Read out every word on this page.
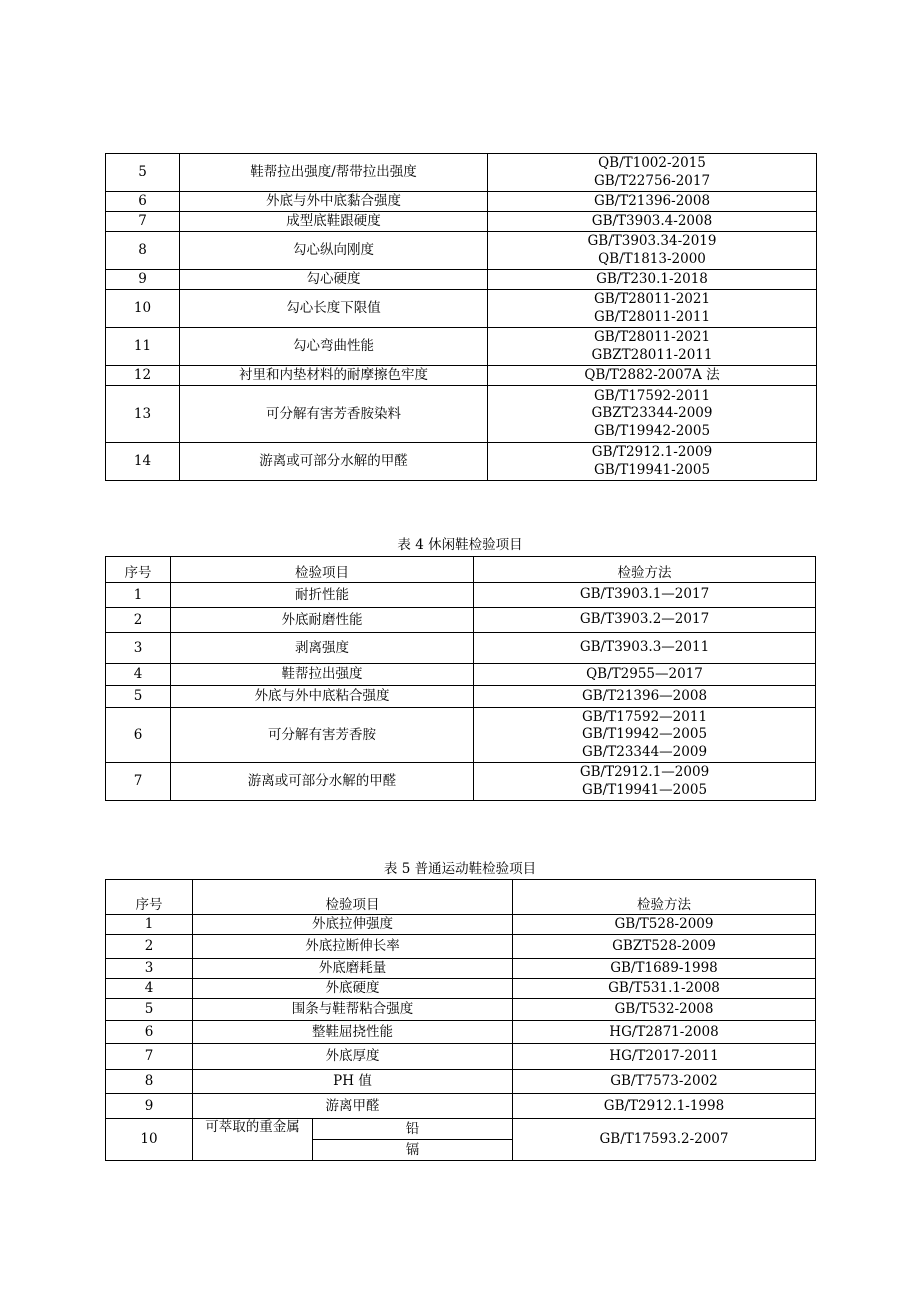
5	鞋帮拉出强度/帮带拉出强度	QB/T1002-2015
GB/T22756-2017

6	外底与外中底黏合强度	GB/T21396-2008

7	成型底鞋跟硬度	GB/T3903.4-2008

8	勾心纵向刚度	GB/T3903.34-2019
QB/T1813-2000

9	勾心硬度	GB/T230.1-2018

10	勾心长度下限值	GB/T28011-2021
GB/T28011-2011

11	勾心弯曲性能	GB/T28011-2021
GBZT28011-2011

12	衬里和内垫材料的耐摩擦色牢度	QB/T2882-2007A 法

13	可分解有害芳香胺染料	GB/T17592-2011
GBZT23344-2009
GB/T19942-2005

14	游离或可部分水解的甲醛	GB/T2912.1-2009
GB/T19941-2005
表 4 休闲鞋检验项目
序号	检验项目	检验方法
1	耐折性能	GB/T3903.1—2017

2	外底耐磨性能	GB/T3903.2—2017

3	剥离强度	GB/T3903.3—2011

4	鞋帮拉出强度	QB/T2955—2017

5	外底与外中底粘合强度	GB/T21396—2008

6	可分解有害芳香胺	GB/T17592—2011
GB/T19942—2005
GB/T23344—2009

7	游离或可部分水解的甲醛	GB/T2912.1—2009
GB/T19941—2005
表 5 普通运动鞋检验项目
序号	检验项目		检验方法
1	外底拉伸强度		GB/T528-2009
2	外底拉断伸长率		GBZT528-2009
3	外底磨耗量		GB/T1689-1998
4	外底硬度		GB/T531.1-2008
5	围条与鞋帮粘合强度		GB/T532-2008
6	整鞋屈挠性能		HG/T2871-2008
7	外底厚度		HG/T2017-2011
8	PH 值		GB/T7573-2002
9	游离甲醛		GB/T2912.1-1998
10	可萃取的重金属	铅	GB/T17593.2-2007
		镉	
